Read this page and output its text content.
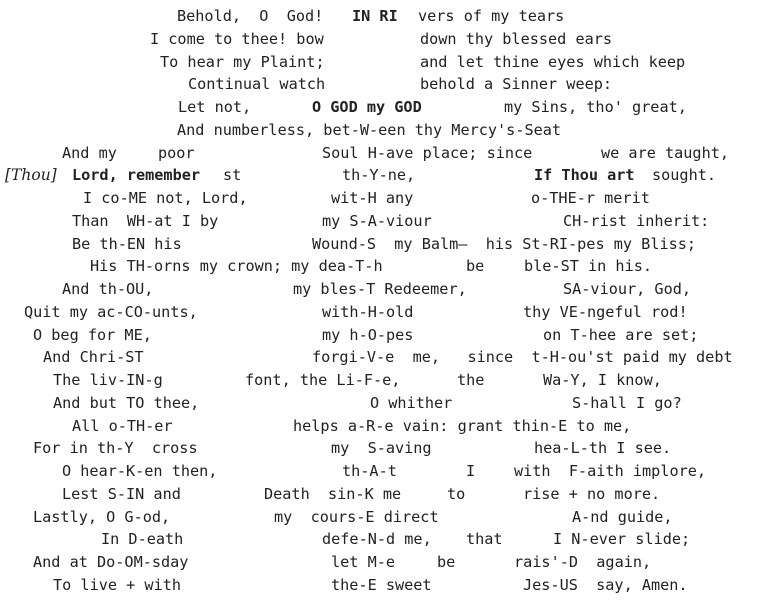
Behold,  O  God! IN RI vers of my tears
I come to thee! bow	down thy blessed ears
To hear my Plaint;	and let thine eyes which keep
Continual watch	behold a Sinner weep:
Let not,	O GOD my GOD	my Sins, tho' great,
And numberless, bet-W-een thy Mercy's-Seat
And my	poor	Soul H-ave place; since	we are taught,
[Thou] Lord, remember st	th-Y-ne,	If Thou art sought.
I co-ME not, Lord,	wit-H any	o-THE-r merit
Than  WH-at I by	my S-A-viour	CH-rist inherit:
Be th-EN his	Wound-S  my Balm—  his St-RI-pes my Bliss;
His TH-orns my crown; my dea-T-h	be	ble-ST in his.
And th-OU,	my bles-T Redeemer,	SA-viour, God,
Quit my ac-CO-unts,	with-H-old	thy VE-ngeful rod!
O beg for ME,	my h-O-pes	on T-hee are set;
And Chri-ST	forgi-V-e  me,   since  t-H-ou'st paid my debt
The liv-IN-g	font, the Li-F-e,	the	Wa-Y, I know,
And but TO thee,	O whither	S-hall I go?
All o-TH-er	helps a-R-e vain: grant thin-E to me,
For in th-Y  cross	my  S-aving	hea-L-th I see.
O hear-K-en then,	th-A-t	I	with  F-aith implore,
Lest S-IN and	Death  sin-K me	to	rise + no more.
Lastly, O G-od,	my  cours-E direct	A-nd guide,
In D-eath	defe-N-d me, that	I N-ever slide;
And at Do-OM-sday	let M-e	be	rais'-D  again,
To live + with	the-E sweet	Jes-US  say, Amen.
